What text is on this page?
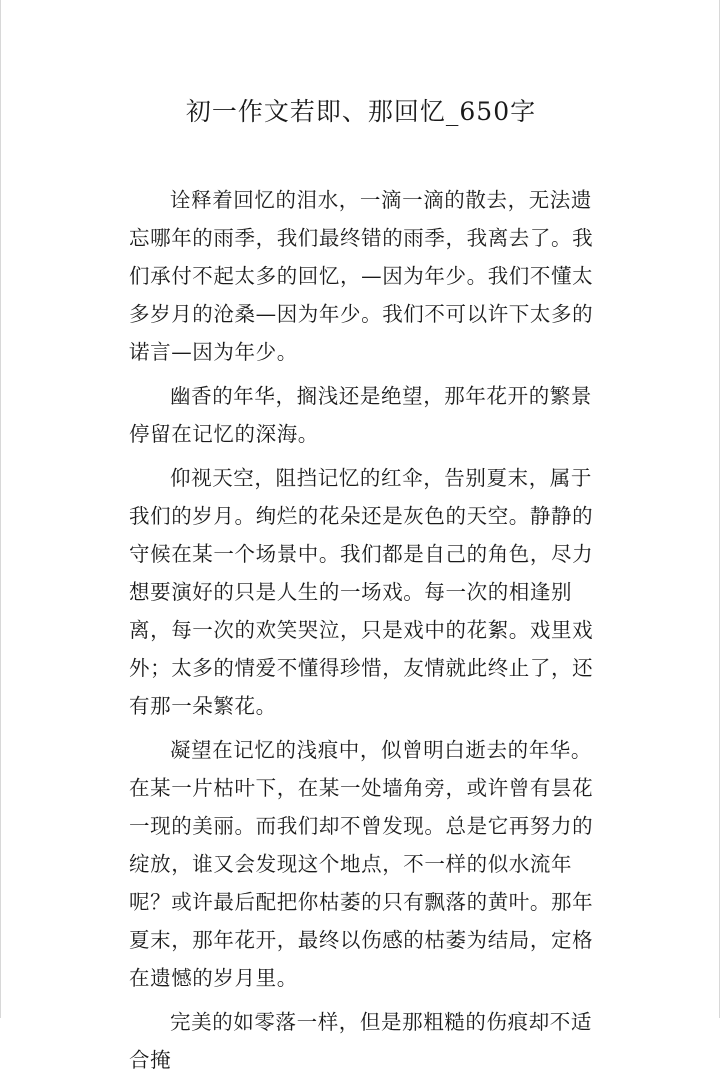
初一作文若即、那回忆_650字

诠释着回忆的泪水，一滴一滴的散去，无法遗忘哪年的雨季，我们最终错的雨季，我离去了。我们承付不起太多的回忆，—因为年少。我们不懂太多岁月的沧桑—因为年少。我们不可以许下太多的诺言—因为年少。

幽香的年华，搁浅还是绝望，那年花开的繁景停留在记忆的深海。

仰视天空，阻挡记忆的红伞，告别夏末，属于我们的岁月。绚烂的花朵还是灰色的天空。静静的守候在某一个场景中。我们都是自己的角色，尽力想要演好的只是人生的一场戏。每一次的相逢别离，每一次的欢笑哭泣，只是戏中的花絮。戏里戏外；太多的情爱不懂得珍惜，友情就此终止了，还有那一朵繁花。

凝望在记忆的浅痕中，似曾明白逝去的年华。在某一片枯叶下，在某一处墙角旁，或许曾有昙花一现的美丽。而我们却不曾发现。总是它再努力的绽放，谁又会发现这个地点，不一样的似水流年呢？或许最后配把你枯萎的只有飘落的黄叶。那年夏末，那年花开，最终以伤感的枯萎为结局，定格在遗憾的岁月里。

完美的如零落一样，但是那粗糙的伤痕却不适合掩
